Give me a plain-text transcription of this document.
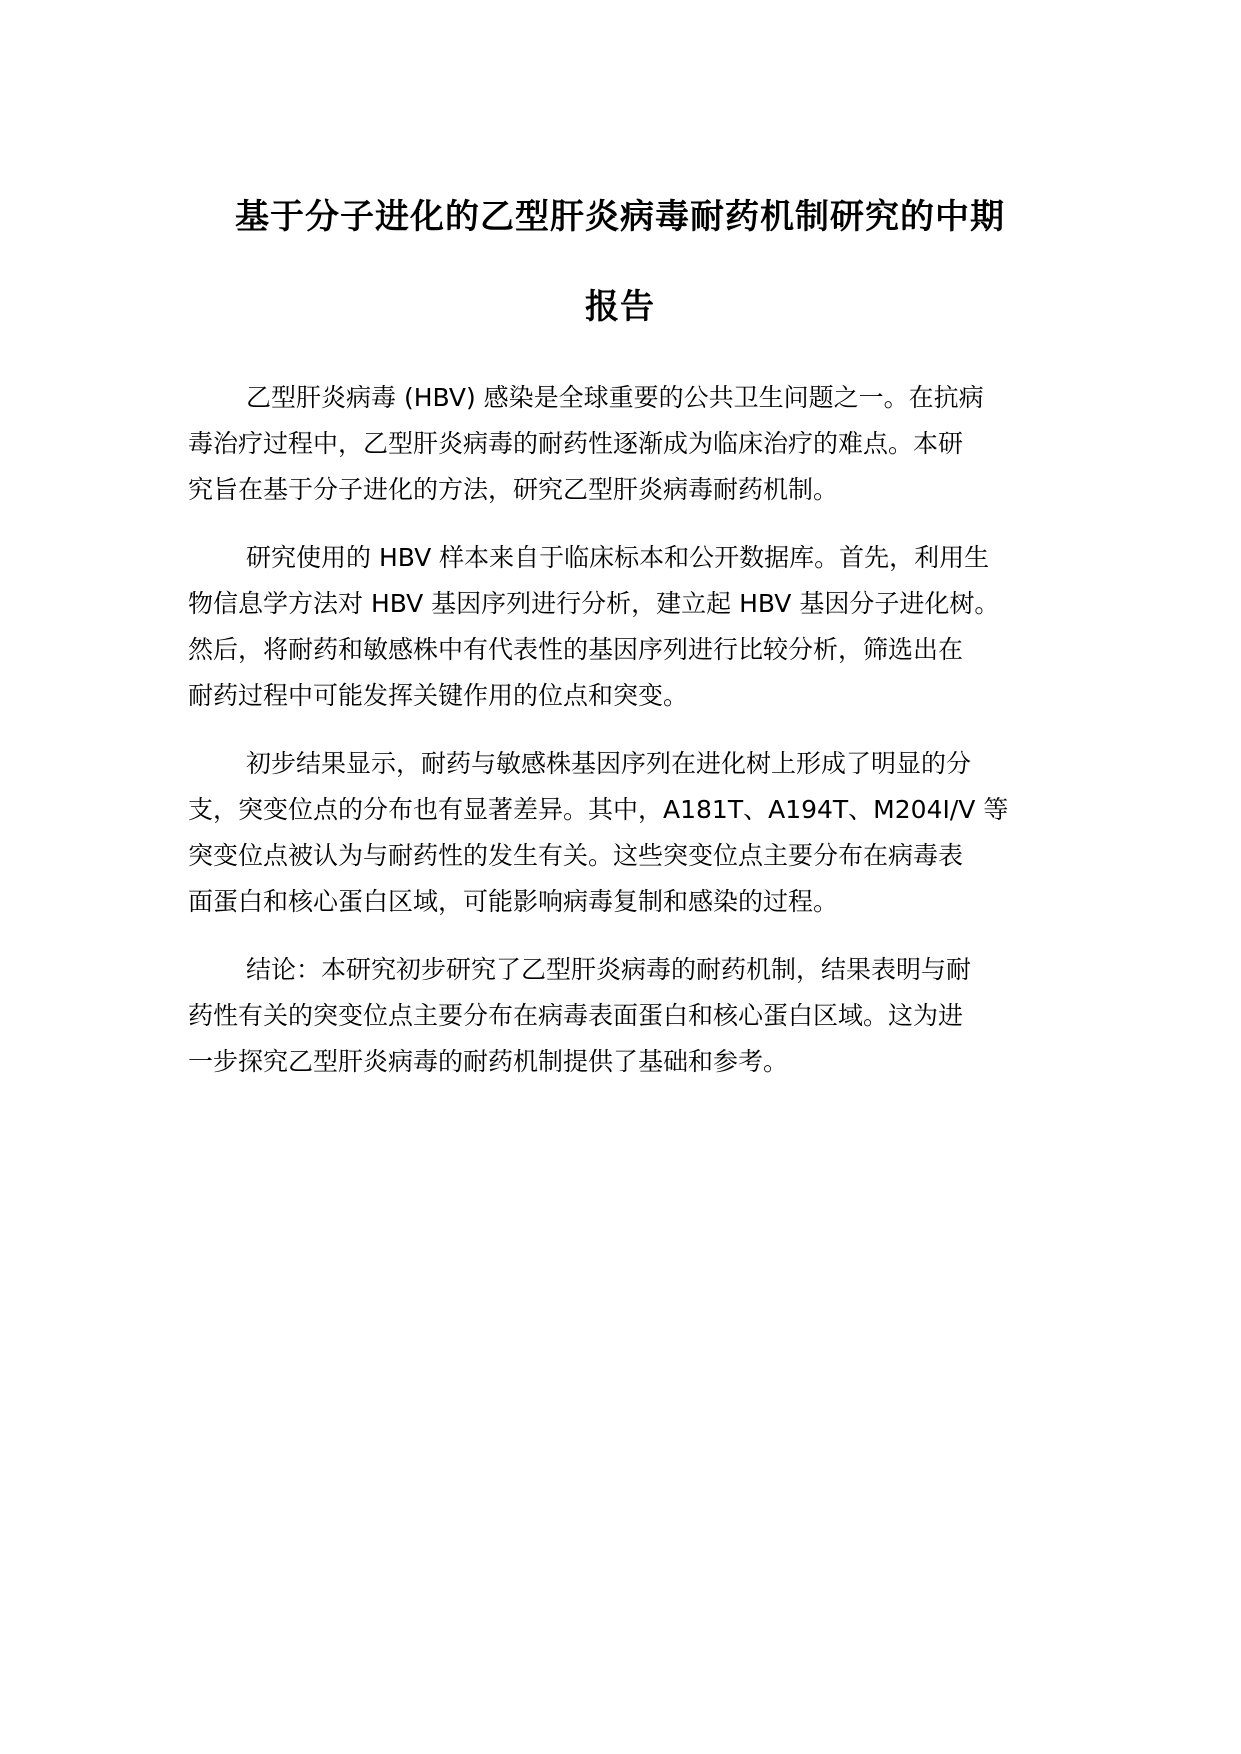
基于分子进化的乙型肝炎病毒耐药机制研究的中期
报告

乙型肝炎病毒 (HBV) 感染是全球重要的公共卫生问题之一。在抗病
毒治疗过程中，乙型肝炎病毒的耐药性逐渐成为临床治疗的难点。本研
究旨在基于分子进化的方法，研究乙型肝炎病毒耐药机制。

研究使用的 HBV 样本来自于临床标本和公开数据库。首先，利用生
物信息学方法对 HBV 基因序列进行分析，建立起 HBV 基因分子进化树。
然后，将耐药和敏感株中有代表性的基因序列进行比较分析，筛选出在
耐药过程中可能发挥关键作用的位点和突变。

初步结果显示，耐药与敏感株基因序列在进化树上形成了明显的分
支，突变位点的分布也有显著差异。其中，A181T、A194T、M204I/V 等
突变位点被认为与耐药性的发生有关。这些突变位点主要分布在病毒表
面蛋白和核心蛋白区域，可能影响病毒复制和感染的过程。

结论：本研究初步研究了乙型肝炎病毒的耐药机制，结果表明与耐
药性有关的突变位点主要分布在病毒表面蛋白和核心蛋白区域。这为进
一步探究乙型肝炎病毒的耐药机制提供了基础和参考。
